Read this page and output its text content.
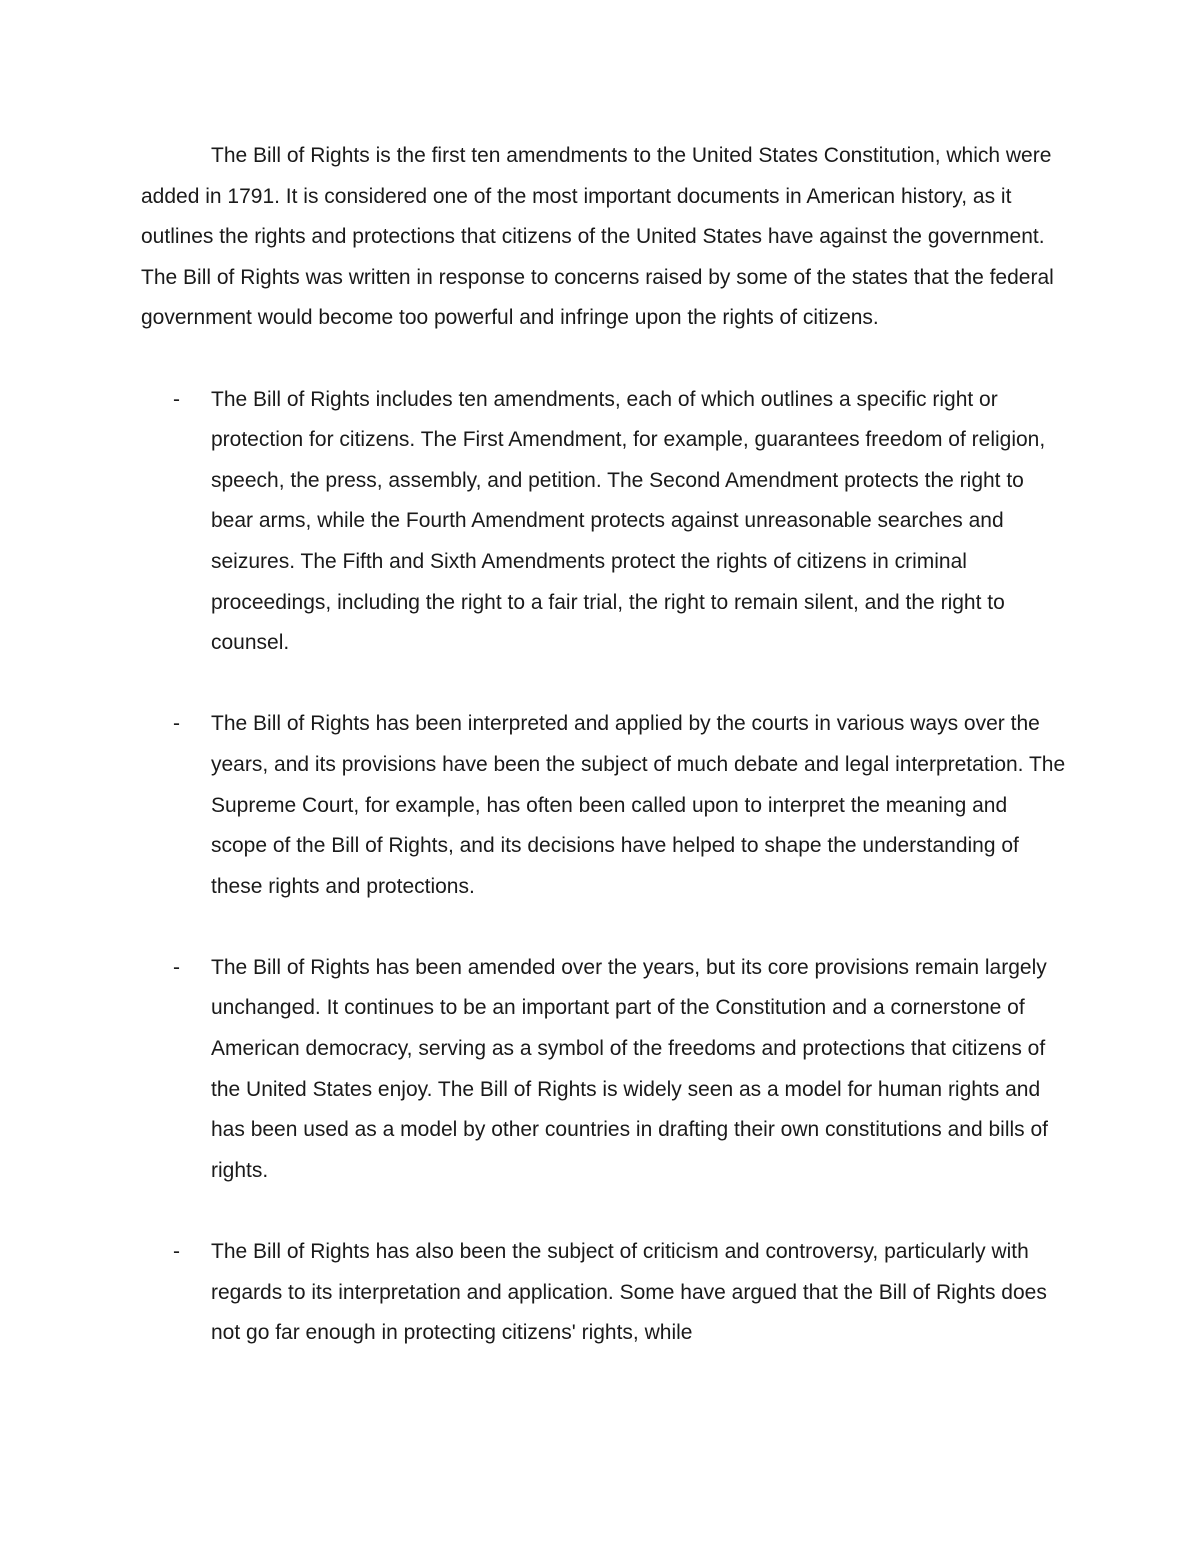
The Bill of Rights is the first ten amendments to the United States Constitution, which were added in 1791. It is considered one of the most important documents in American history, as it outlines the rights and protections that citizens of the United States have against the government. The Bill of Rights was written in response to concerns raised by some of the states that the federal government would become too powerful and infringe upon the rights of citizens.

- The Bill of Rights includes ten amendments, each of which outlines a specific right or protection for citizens. The First Amendment, for example, guarantees freedom of religion, speech, the press, assembly, and petition. The Second Amendment protects the right to bear arms, while the Fourth Amendment protects against unreasonable searches and seizures. The Fifth and Sixth Amendments protect the rights of citizens in criminal proceedings, including the right to a fair trial, the right to remain silent, and the right to counsel.
- The Bill of Rights has been interpreted and applied by the courts in various ways over the years, and its provisions have been the subject of much debate and legal interpretation. The Supreme Court, for example, has often been called upon to interpret the meaning and scope of the Bill of Rights, and its decisions have helped to shape the understanding of these rights and protections.
- The Bill of Rights has been amended over the years, but its core provisions remain largely unchanged. It continues to be an important part of the Constitution and a cornerstone of American democracy, serving as a symbol of the freedoms and protections that citizens of the United States enjoy. The Bill of Rights is widely seen as a model for human rights and has been used as a model by other countries in drafting their own constitutions and bills of rights.
- The Bill of Rights has also been the subject of criticism and controversy, particularly with regards to its interpretation and application. Some have argued that the Bill of Rights does not go far enough in protecting citizens' rights, while
